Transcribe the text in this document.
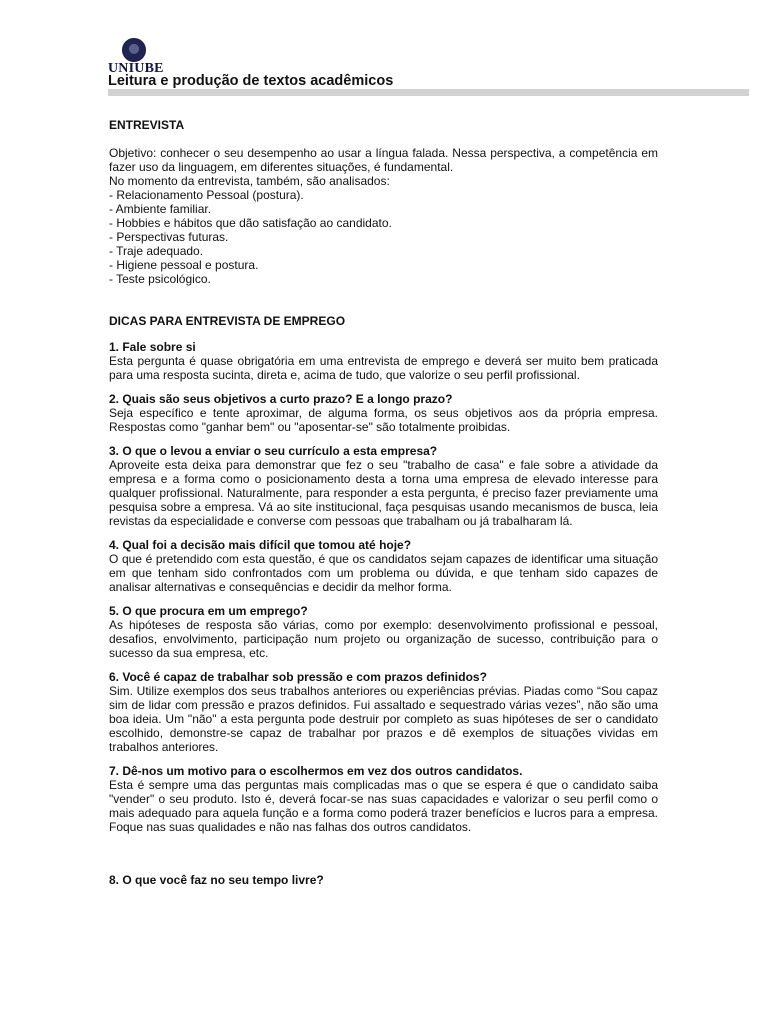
UNIUBE
Leitura e produção de textos acadêmicos

ENTREVISTA

Objetivo: conhecer o seu desempenho ao usar a língua falada. Nessa perspectiva, a competência em fazer uso da linguagem, em diferentes situações, é fundamental.

No momento da entrevista, também, são analisados:

- Relacionamento Pessoal (postura).

- Ambiente familiar.

- Hobbies e hábitos que dão satisfação ao candidato.

- Perspectivas futuras.

- Traje adequado.

- Higiene pessoal e postura.

- Teste psicológico.

DICAS PARA ENTREVISTA DE EMPREGO

1. Fale sobre si

Esta pergunta é quase obrigatória em uma entrevista de emprego e deverá ser muito bem praticada para uma resposta sucinta, direta e, acima de tudo, que valorize o seu perfil profissional.

2. Quais são seus objetivos a curto prazo? E a longo prazo?

Seja específico e tente aproximar, de alguma forma, os seus objetivos aos da própria empresa. Respostas como "ganhar bem" ou "aposentar-se" são totalmente proibidas.

3. O que o levou a enviar o seu currículo a esta empresa?

Aproveite esta deixa para demonstrar que fez o seu "trabalho de casa" e fale sobre a atividade da empresa e a forma como o posicionamento desta a torna uma empresa de elevado interesse para qualquer profissional. Naturalmente, para responder a esta pergunta, é preciso fazer previamente uma pesquisa sobre a empresa. Vá ao site institucional, faça pesquisas usando mecanismos de busca, leia revistas da especialidade e converse com pessoas que trabalham ou já trabalharam lá.

4. Qual foi a decisão mais difícil que tomou até hoje?

O que é pretendido com esta questão, é que os candidatos sejam capazes de identificar uma situação em que tenham sido confrontados com um problema ou dúvida, e que tenham sido capazes de analisar alternativas e consequências e decidir da melhor forma.

5. O que procura em um emprego?

As hipóteses de resposta são várias, como por exemplo: desenvolvimento profissional e pessoal, desafios, envolvimento, participação num projeto ou organização de sucesso, contribuição para o sucesso da sua empresa, etc.

6. Você é capaz de trabalhar sob pressão e com prazos definidos?

Sim. Utilize exemplos dos seus trabalhos anteriores ou experiências prévias. Piadas como “Sou capaz sim de lidar com pressão e prazos definidos. Fui assaltado e sequestrado várias vezes”, não são uma boa ideia. Um "não" a esta pergunta pode destruir por completo as suas hipóteses de ser o candidato escolhido, demonstre-se capaz de trabalhar por prazos e dê exemplos de situações vividas em trabalhos anteriores.

7. Dê-nos um motivo para o escolhermos em vez dos outros candidatos.

Esta é sempre uma das perguntas mais complicadas mas o que se espera é que o candidato saiba "vender" o seu produto. Isto é, deverá focar-se nas suas capacidades e valorizar o seu perfil como o mais adequado para aquela função e a forma como poderá trazer benefícios e lucros para a empresa. Foque nas suas qualidades e não nas falhas dos outros candidatos.

8. O que você faz no seu tempo livre?
